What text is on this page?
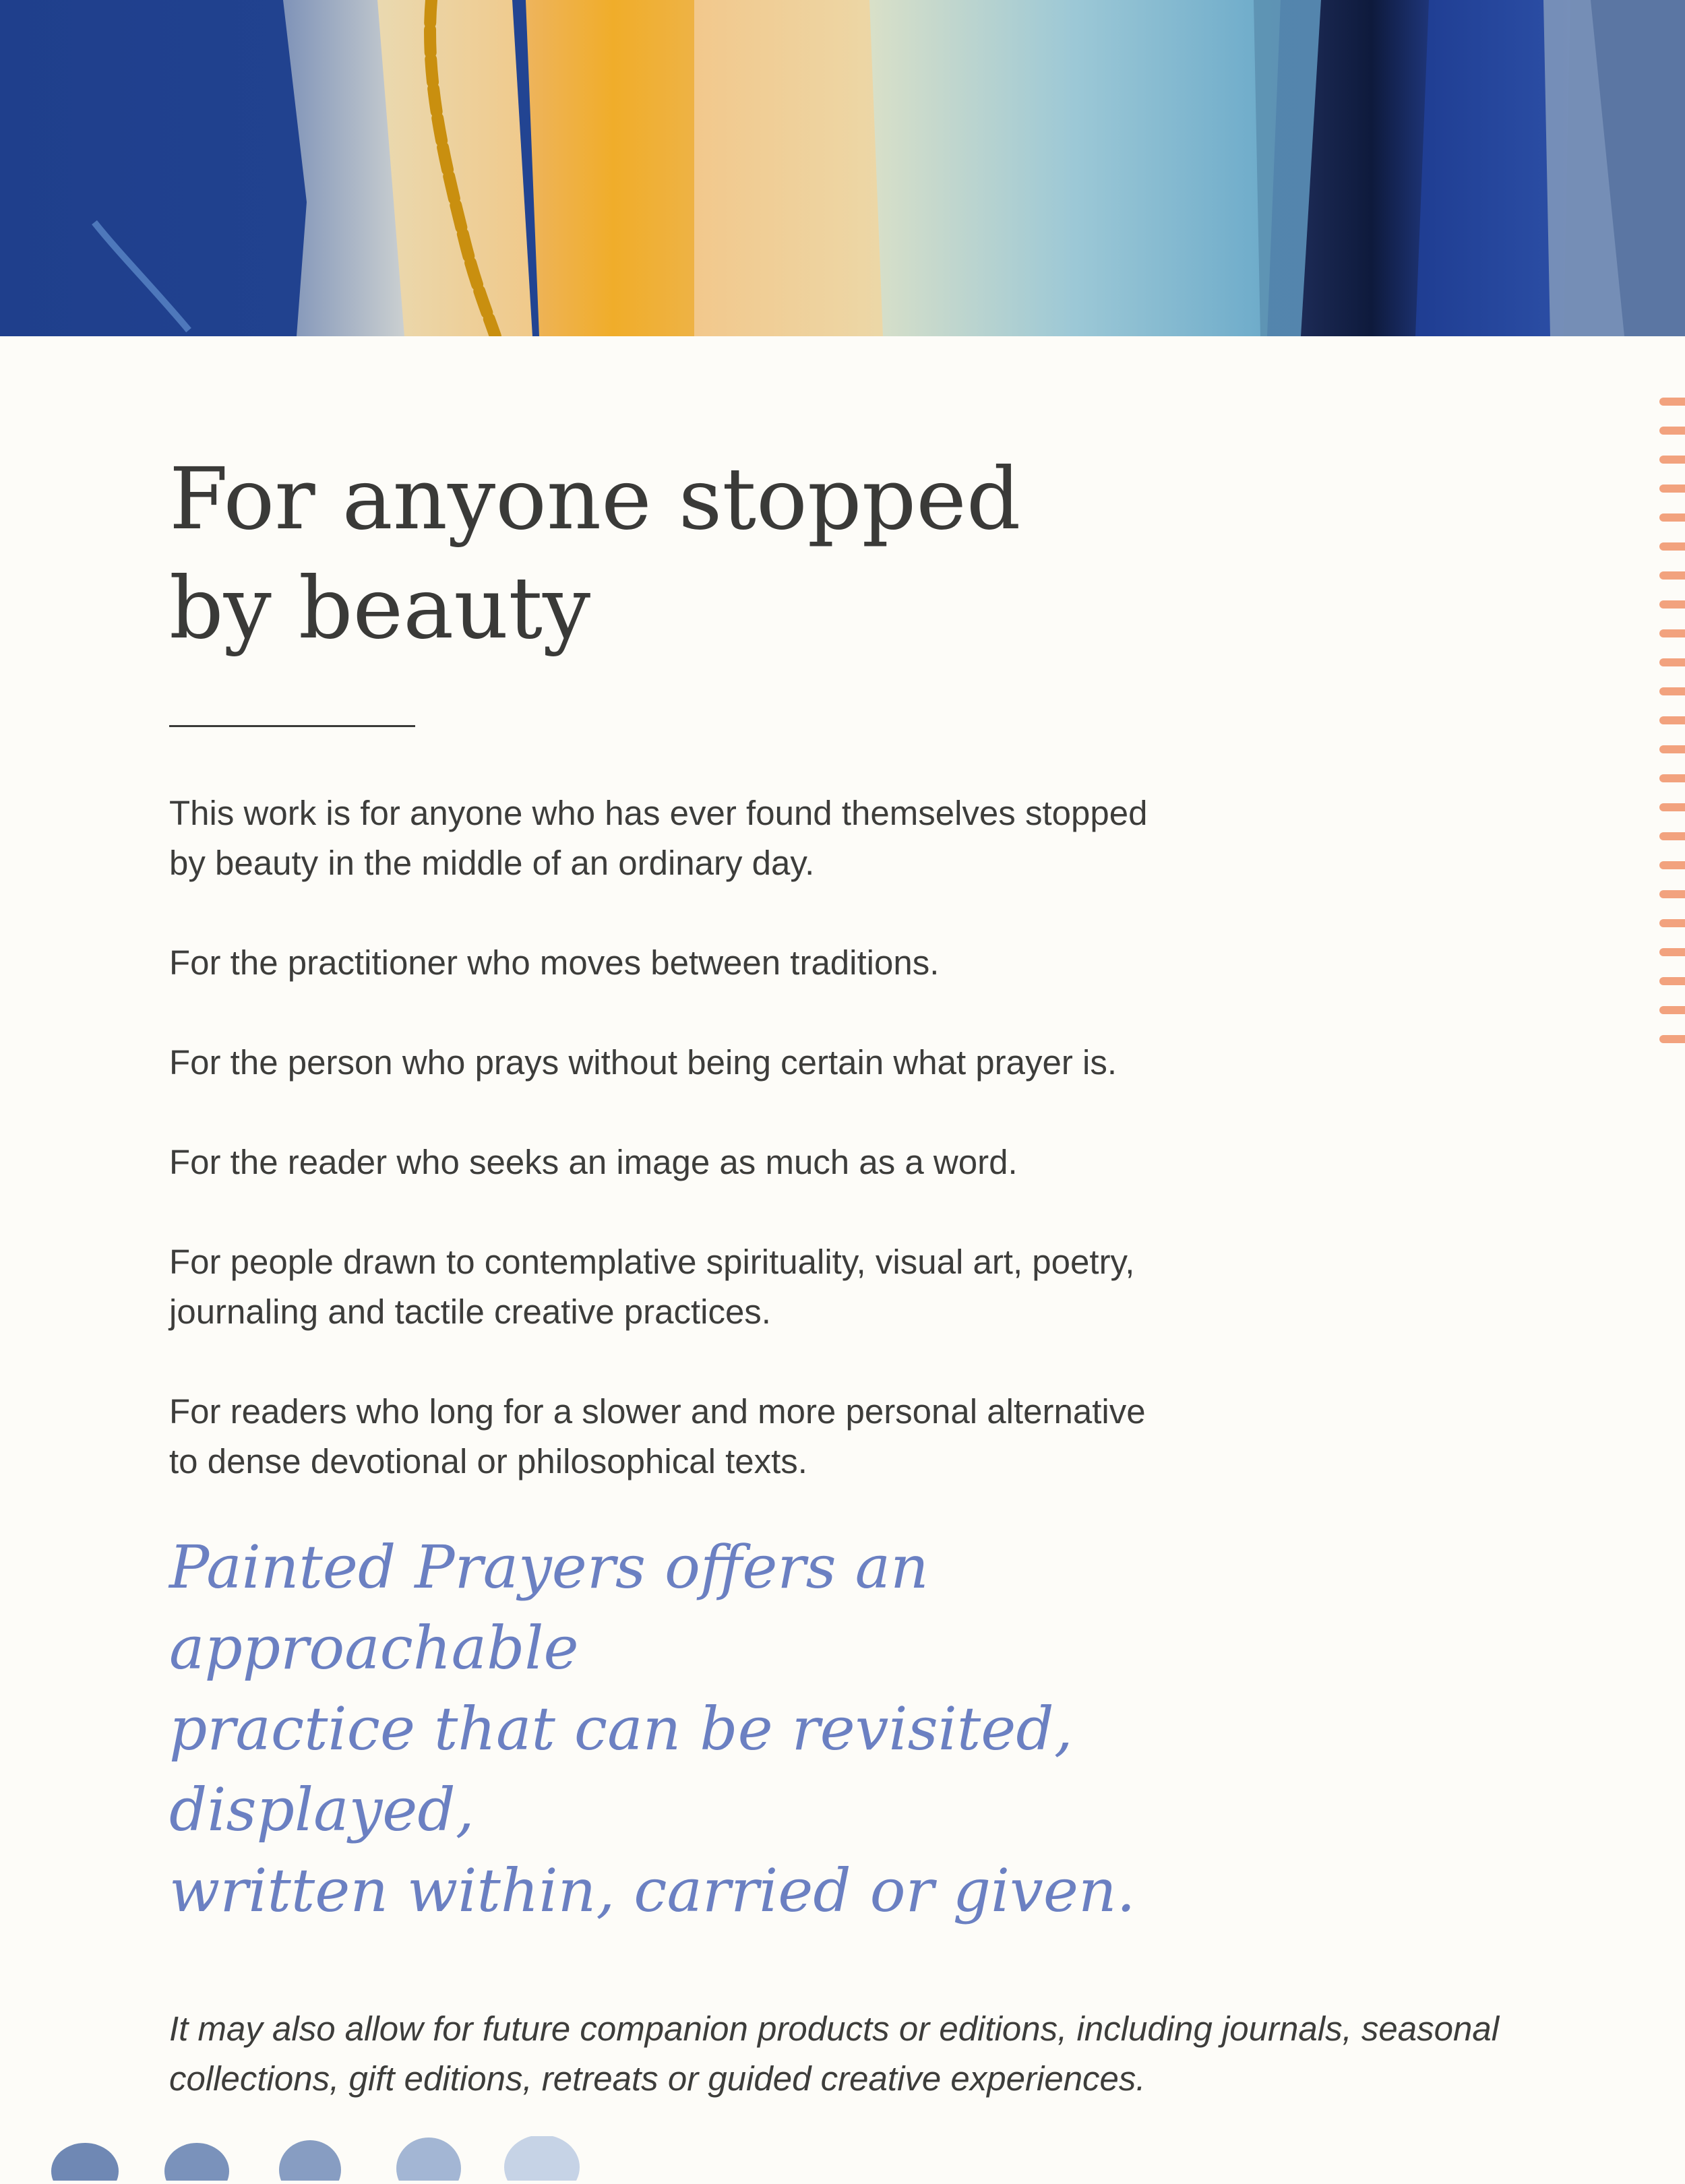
For anyone stopped
by beauty

This work is for anyone who has ever found themselves stopped
by beauty in the middle of an ordinary day.

For the practitioner who moves between traditions.

For the person who prays without being certain what prayer is.

For the reader who seeks an image as much as a word.

For people drawn to contemplative spirituality, visual art, poetry,
journaling and tactile creative practices.

For readers who long for a slower and more personal alternative
to dense devotional or philosophical texts.

Painted Prayers offers an approachable
practice that can be revisited, displayed,
written within, carried or given.
It may also allow for future companion products or editions, including journals, seasonal
collections, gift editions, retreats or guided creative experiences.
